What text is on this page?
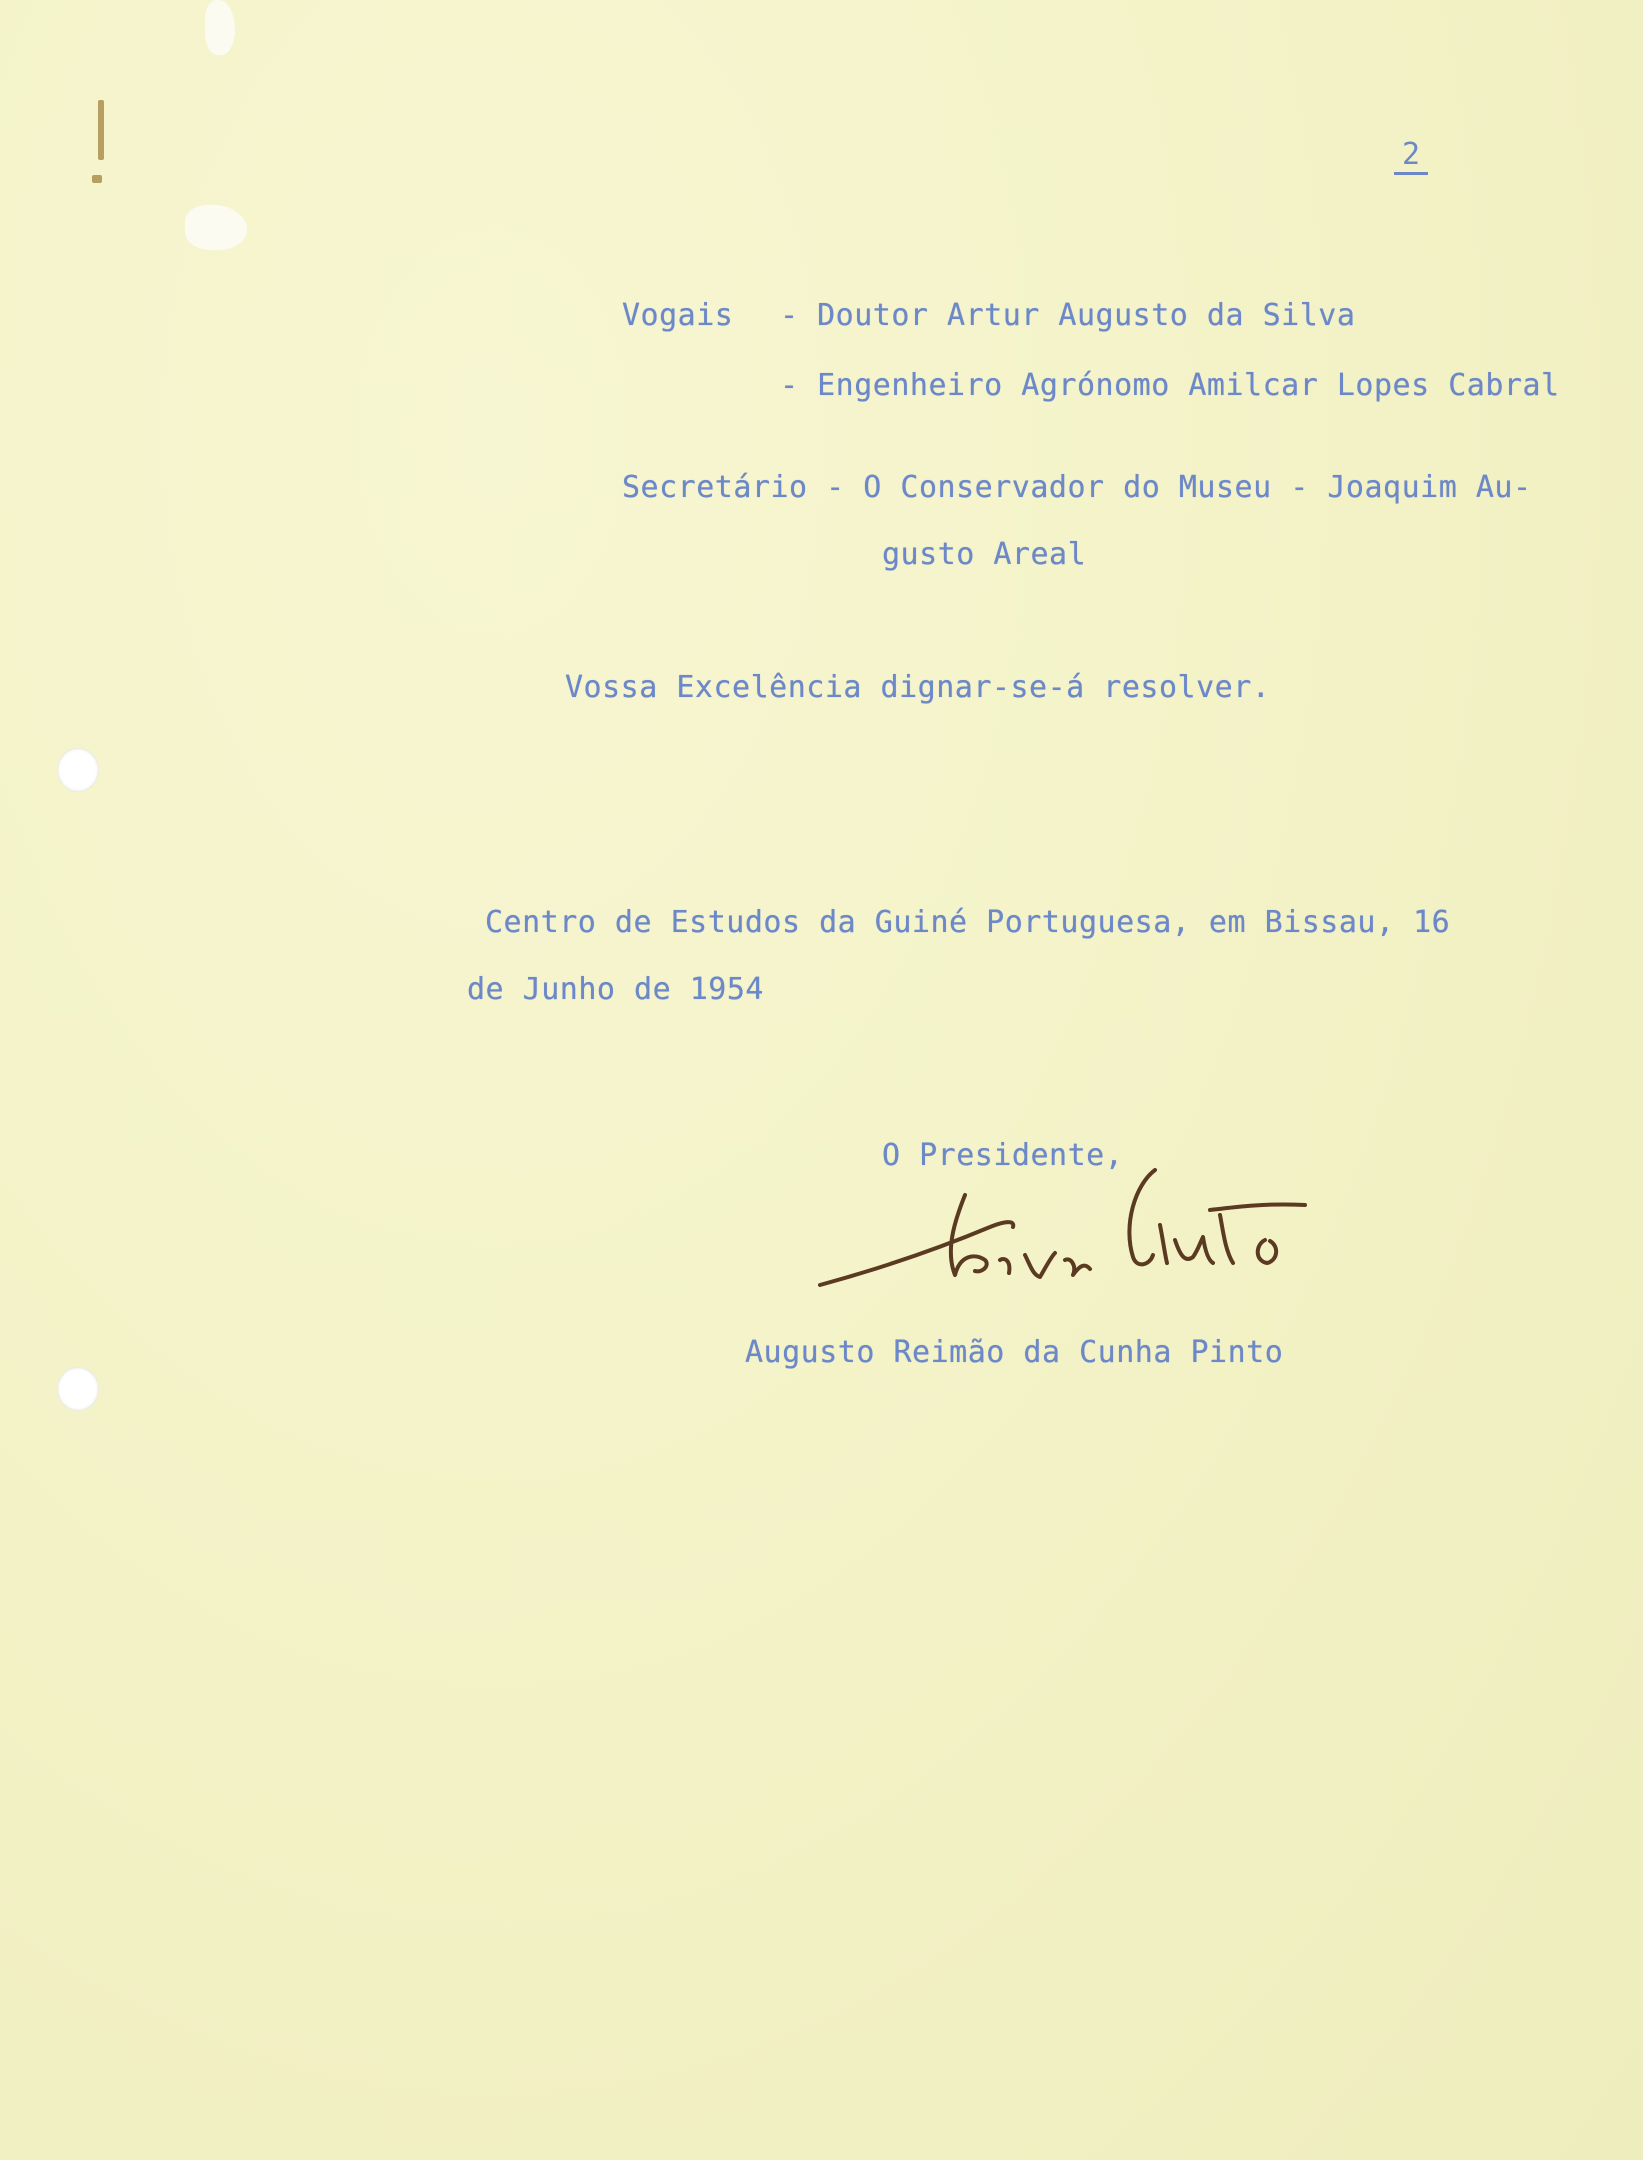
2
Vogais - Doutor Artur Augusto da Silva
- Engenheiro Agrónomo Amilcar Lopes Cabral
Secretário - O Conservador do Museu - Joaquim Au-
gusto Areal
Vossa Excelência dignar-se-á resolver.
Centro de Estudos da Guiné Portuguesa, em Bissau, 16
de Junho de 1954
O Presidente,
Augusto Reimão da Cunha Pinto
